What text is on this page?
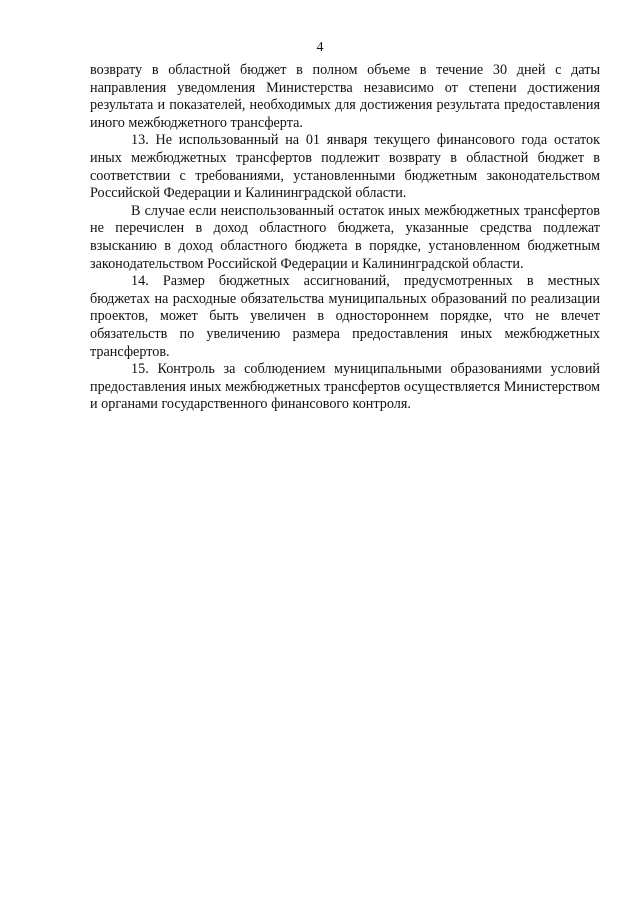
4

возврату в областной бюджет в полном объеме в течение 30 дней с даты направления уведомления Министерства независимо от степени достижения результата и показателей, необходимых для достижения результата предоставления иного межбюджетного трансферта.

13. Не использованный на 01 января текущего финансового года остаток иных межбюджетных трансфертов подлежит возврату в областной бюджет в соответствии с требованиями, установленными бюджетным законодательством Российской Федерации и Калининградской области.

В случае если неиспользованный остаток иных межбюджетных трансфертов не перечислен в доход областного бюджета, указанные средства подлежат взысканию в доход областного бюджета в порядке, установленном бюджетным законодательством Российской Федерации и Калининградской области.

14. Размер бюджетных ассигнований, предусмотренных в местных бюджетах на расходные обязательства муниципальных образований по реализации проектов, может быть увеличен в одностороннем порядке, что не влечет обязательств по увеличению размера предоставления иных межбюджетных трансфертов.

15. Контроль за соблюдением муниципальными образованиями условий предоставления иных межбюджетных трансфертов осуществляется Министерством и органами государственного финансового контроля.
